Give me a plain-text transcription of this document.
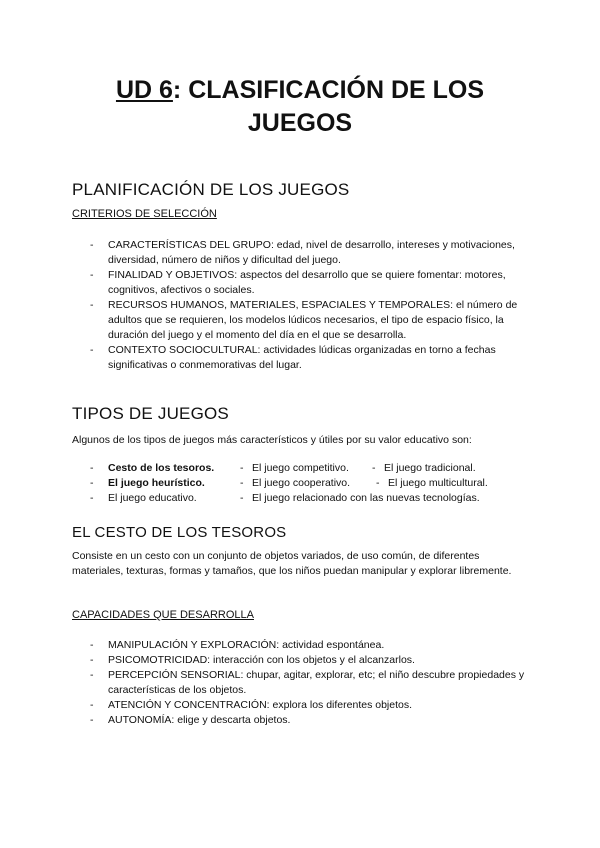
UD 6: CLASIFICACIÓN DE LOS
JUEGOS
PLANIFICACIÓN DE LOS JUEGOS
CRITERIOS DE SELECCIÓN
- CARACTERÍSTICAS DEL GRUPO: edad, nivel de desarrollo, intereses y motivaciones, diversidad, número de niños y dificultad del juego.
- FINALIDAD Y OBJETIVOS: aspectos del desarrollo que se quiere fomentar: motores, cognitivos, afectivos o sociales.
- RECURSOS HUMANOS, MATERIALES, ESPACIALES Y TEMPORALES: el número de adultos que se requieren, los modelos lúdicos necesarios, el tipo de espacio físico, la duración del juego y el momento del día en el que se desarrolla.
- CONTEXTO SOCIOCULTURAL: actividades lúdicas organizadas en torno a fechas significativas o conmemorativas del lugar.
TIPOS DE JUEGOS
Algunos de los tipos de juegos más característicos y útiles por su valor educativo son:
- Cesto de los tesoros. - El juego competitivo. - El juego tradicional.
- El juego heurístico.	- El juego cooperativo. - El juego multicultural.
- El juego educativo.	- El juego relacionado con las nuevas tecnologías.
EL CESTO DE LOS TESOROS
Consiste en un cesto con un conjunto de objetos variados, de uso común, de diferentes materiales, texturas, formas y tamaños, que los niños puedan manipular y explorar libremente.
CAPACIDADES QUE DESARROLLA
- MANIPULACIÓN Y EXPLORACIÓN: actividad espontánea.
- PSICOMOTRICIDAD: interacción con los objetos y el alcanzarlos.
- PERCEPCIÓN SENSORIAL: chupar, agitar, explorar, etc; el niño descubre propiedades y características de los objetos.
- ATENCIÓN Y CONCENTRACIÓN: explora los diferentes objetos.
- AUTONOMÍA: elige y descarta objetos.
